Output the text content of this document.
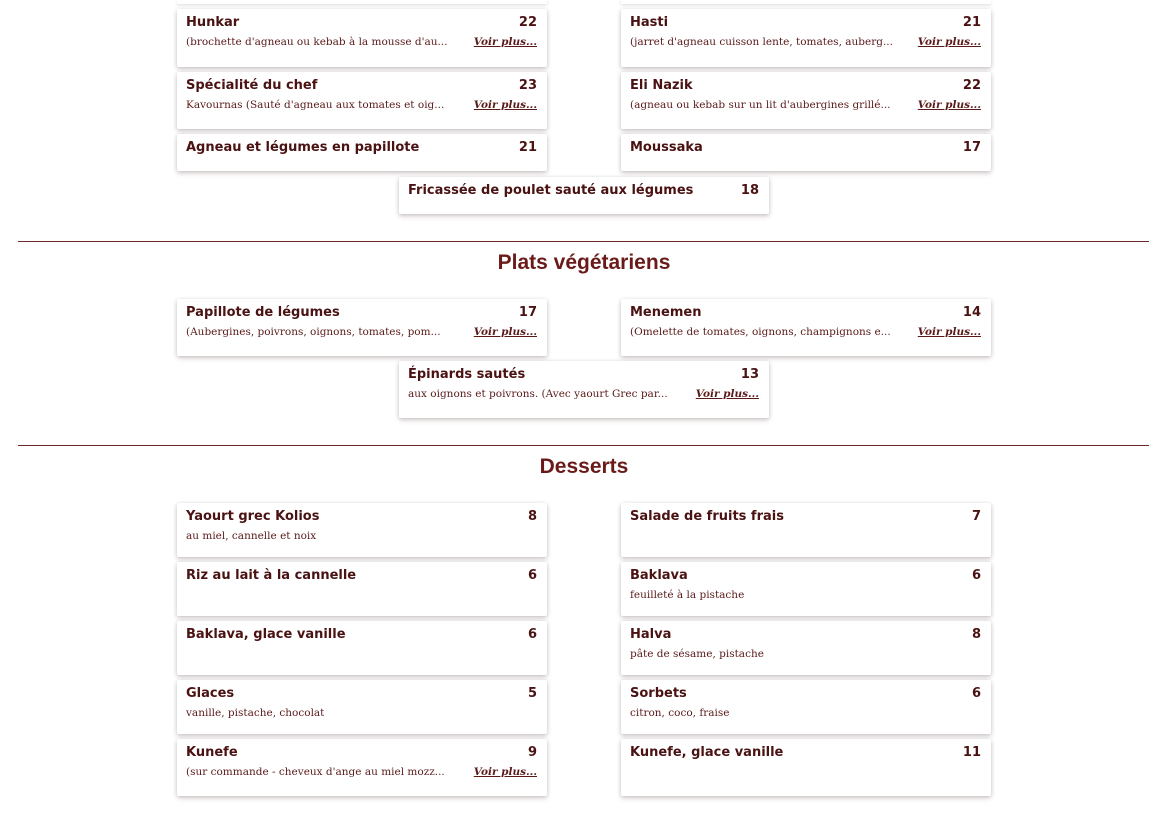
Hunkar	22
(brochette d'agneau ou kebab à la mousse d'au... Voir plus...
Hasti	21
(jarret d'agneau cuisson lente, tomates, auberg... Voir plus...
Spécialité du chef	23
Kavournas (Sauté d'agneau aux tomates et oig...	Voir plus...
Eli Nazik	22
(agneau ou kebab sur un lit d'aubergines grillé...	Voir plus...
Agneau et légumes en papillote	21	Moussaka	17
Fricassée de poulet sauté aux légumes	18
Plats végétariens
Papillote de légumes	17
(Aubergines, poivrons, oignons, tomates, pom...	Voir plus...
Menemen	14
(Omelette de tomates, oignons, champignons e...	Voir plus...
Épinards sautés	13
aux oignons et poivrons. (Avec yaourt Grec par...	Voir plus...
Desserts
Yaourt grec Kolios	8
au miel, cannelle et noix
Salade de fruits frais	7
Riz au lait à la cannelle	6	Baklava	6
feuilleté à la pistache
Baklava, glace vanille	6	Halva	8
pâte de sésame, pistache
Glaces	5
vanille, pistache, chocolat
Sorbets	6
citron, coco, fraise
Kunefe	9
(sur commande - cheveux d'ange au miel mozz...	Voir plus...
Kunefe, glace vanille	11
